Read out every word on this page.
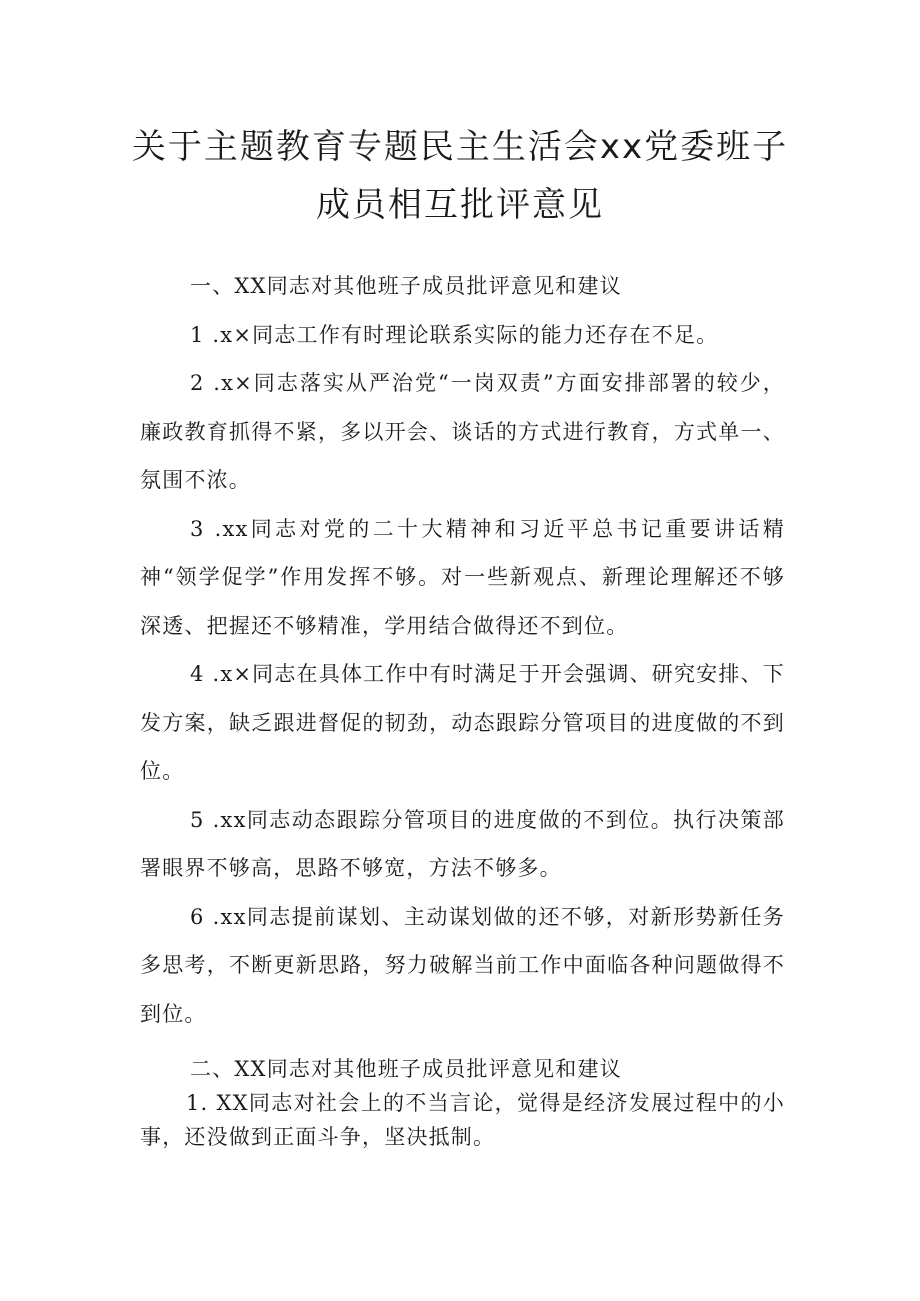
关于主题教育专题民主生活会xx党委班子
成员相互批评意见

一、XX同志对其他班子成员批评意见和建议

1 .x×同志工作有时理论联系实际的能力还存在不足。

2 .x×同志落实从严治党“一岗双责”方面安排部署的较少，廉政教育抓得不紧，多以开会、谈话的方式进行教育，方式单一、氛围不浓。

3 .xx同志对党的二十大精神和习近平总书记重要讲话精神“领学促学”作用发挥不够。对一些新观点、新理论理解还不够深透、把握还不够精准，学用结合做得还不到位。

4 .x×同志在具体工作中有时满足于开会强调、研究安排、下发方案，缺乏跟进督促的韧劲，动态跟踪分管项目的进度做的不到位。

5 .xx同志动态跟踪分管项目的进度做的不到位。执行决策部署眼界不够高，思路不够宽，方法不够多。

6 .xx同志提前谋划、主动谋划做的还不够，对新形势新任务多思考，不断更新思路，努力破解当前工作中面临各种问题做得不到位。

二、XX同志对其他班子成员批评意见和建议

1. XX同志对社会上的不当言论，觉得是经济发展过程中的小事，还没做到正面斗争，坚决抵制。
